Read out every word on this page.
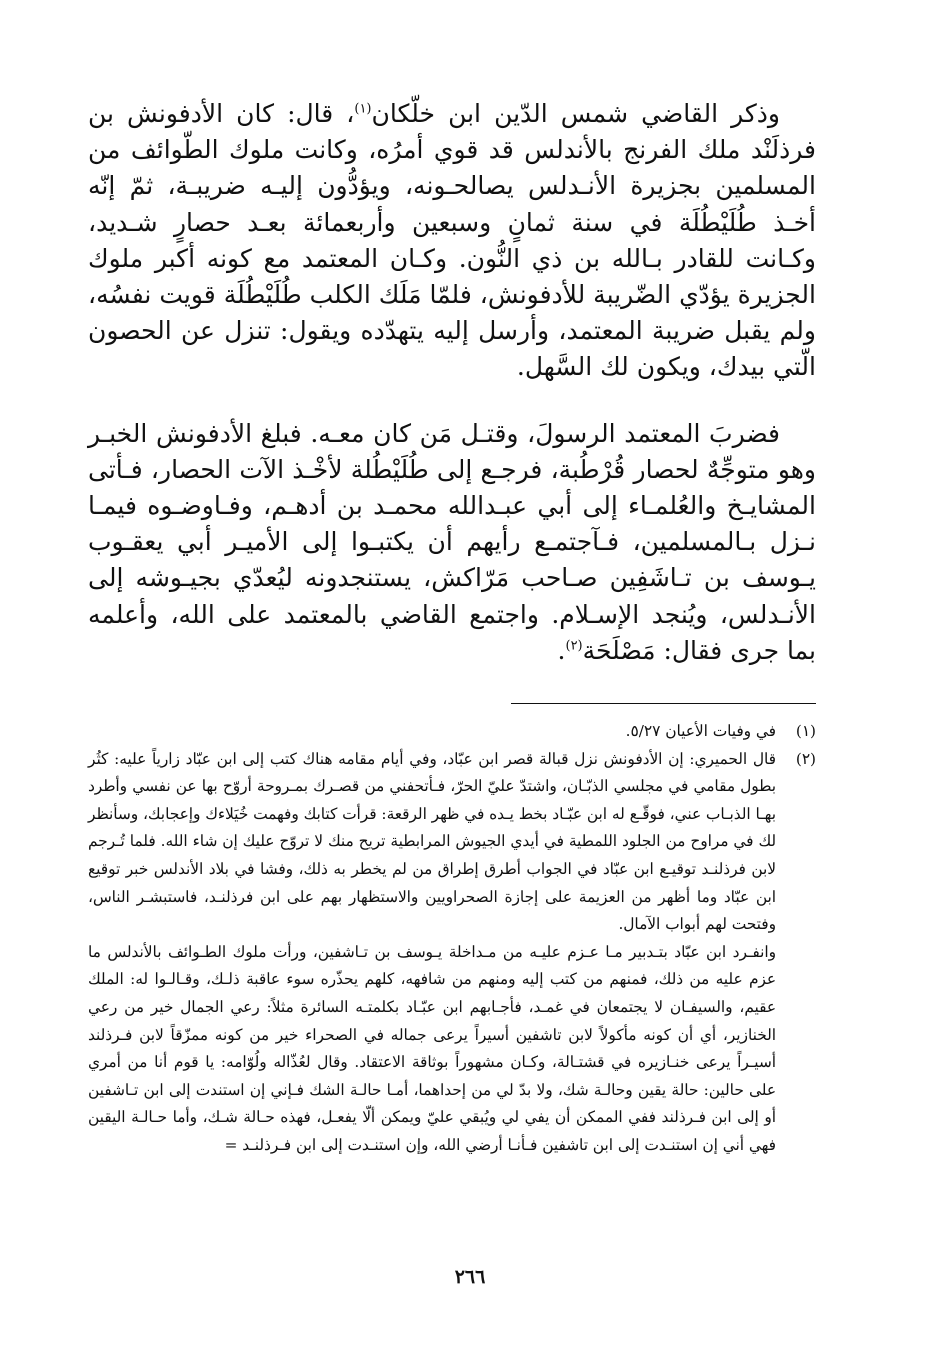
وذكر القاضي شمس الدّين ابن خلّكان$^{(١)}$، قال: كان الأدفونش بن فرذلَنْد ملك الفرنج بالأندلس قد قوي أمرُه، وكانت ملوك الطّوائف من المسلمين بجزيرة الأنـدلس يصالحـونه، ويؤدُّون إليـه ضريبـة، ثمّ إنّه أخـذ طُلَيْطُلَة في سنة ثمانٍ وسبعين وأربعمائة بعـد حصارٍ شـديد، وكـانت للقادر بـالله بن ذي النُّون. وكـان المعتمد مع كونه أكبر ملوك الجزيرة يؤدّي الضّريبة للأدفونش، فلمّا مَلَك الكلب طُلَيْطُلَة قويت نفسُه، ولم يقبل ضريبة المعتمد، وأرسل إليه يتهدّده ويقول: تنزل عن الحصون الّتي بيدك، ويكون لك السَّهل.

فضربَ المعتمد الرسولَ، وقتـل مَن كان معـه. فبلغ الأدفونش الخبـر وهو متوجِّهٌ لحصار قُرْطُبة، فرجـع إلى طُلَيْطُلة لأخْـذ الآت الحصار، فـأتى المشايـخ والعُلمـاء إلى أبي عبـدالله محمـد بن أدهـم، وفـاوضـوه فيمـا نـزل بـالمسلمين، فـآجتمـع رأيهم أن يكتبـوا إلى الأميـر أبي يعقـوب يـوسف بن تـاشَفِين صـاحب مَرّاكش، يستنجدونه ليُعدّي بجيـوشه إلى الأنـدلس، ويُنجد الإسـلام. واجتمع القاضي بالمعتمد على الله، وأعلمه بما جرى فقال: مَصْلَحَة$^{(٢)}$.

(١)

في وفيات الأعيان ٥/٢٧.

(٢)

قال الحميري: إن الأدفونش نزل قبالة قصر ابن عبّاد، وفي أيام مقامه هناك كتب إلى ابن عبّاد زارياً عليه: كثُر بطول مقامي في مجلسي الذبّـان، واشتدّ عليّ الحرّ، فـأتحفني من قصـرك بمـروحة أروّح بها عن نفسي وأطرد بهـا الذبـاب عني، فوقّـع له ابن عبّـاد بخط يـده في ظهر الرقعة: قرأت كتابك وفهمت خُيَلاءك وإعجابك، وسأنظر لك في مراوح من الجلود اللمطية في أيدي الجيوش المرابطية تريح منك لا تروّح عليك إن شاء الله. فلما تُـرجم لابن فرذلنـد توقيـع ابن عبّاد في الجواب أطرق إطراق من لم يخطر به ذلك، وفشا في بلاد الأندلس خبر توقيع ابن عبّاد وما أظهر من العزيمة على إجازة الصحراويين والاستظهار بهم على ابن فرذلنـد، فاستبشـر الناس، وفتحت لهم أبواب الآمال.

وانفـرد ابن عبّاد بتـدبير مـا عـزم عليـه من مـداخلة يـوسف بن تـاشفين، ورأت ملوك الطـوائف بالأندلس ما عزم عليه من ذلك، فمنهم من كتب إليه ومنهم من شافهه، كلهم يحذّره سوء عاقبة ذلـك، وقـالـوا له: الملك عقيم، والسيفـان لا يجتمعان في غمـد، فأجـابهم ابن عبّـاد بكلمتـه السائرة مثلاً: رعي الجمال خير من رعي الخنازير، أي أن كونه مأكولاً لابن تاشفين أسيراً يرعى جماله في الصحراء خير من كونه ممزّقاً لابن فـرذلند أسيـراً يرعى خنـازيره في قشتـالة، وكـان مشهوراً بوثاقة الاعتقاد. وقال لعُذّاله ولُوّامه: يا قوم أنا من أمري على حالين: حالة يقين وحالـة شك، ولا بدّ لي من إحداهما، أمـا حالـة الشك فـإني إن استندت إلى ابن تـاشفين أو إلى ابن فـرذلند ففي الممكن أن يفي لي ويُبقي عليّ ويمكن ألّا يفعـل، فهذه حـالة شـك، وأما حـالـة اليقين فهي أني إن استنـدت إلى ابن تاشفين فـأنـا أرضي الله، وإن استنـدت إلى ابن فـرذلنـد =

٢٦٦
